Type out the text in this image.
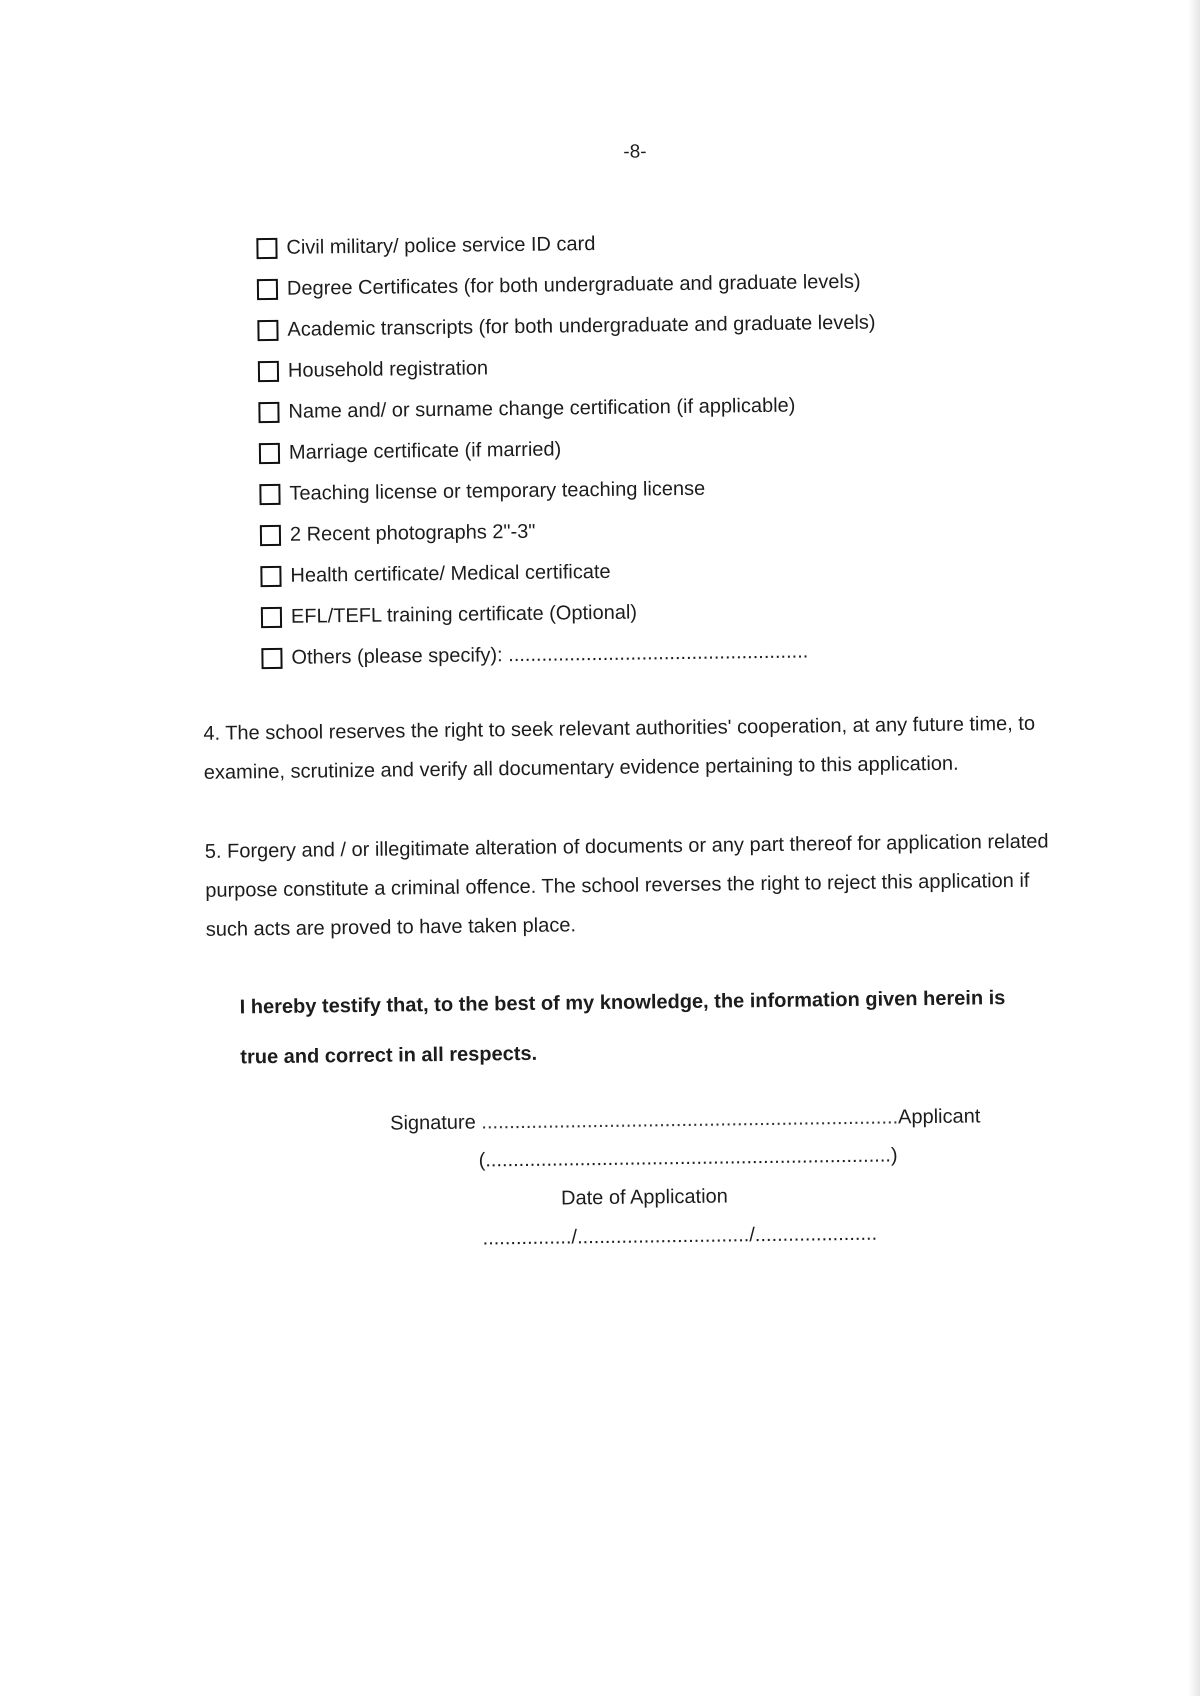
-8-
Civil military/ police service ID card
Degree Certificates (for both undergraduate and graduate levels)
Academic transcripts (for both undergraduate and graduate levels)
Household registration
Name and/ or surname change certification (if applicable)
Marriage certificate (if married)
Teaching license or temporary teaching license
2 Recent photographs 2"-3"
Health certificate/ Medical certificate
EFL/TEFL training certificate (Optional)
Others (please specify): ......................................................
4. The school reserves the right to seek relevant authorities' cooperation, at any future time, to examine, scrutinize and verify all documentary evidence pertaining to this application.
5. Forgery and / or illegitimate alteration of documents or any part thereof for application related purpose constitute a criminal offence. The school reverses the right to reject this application if such acts are proved to have taken place.
I hereby testify that, to the best of my knowledge, the information given herein is true and correct in all respects.
Signature ...........................................................................Applicant
(.........................................................................)
Date of Application
................/.............................../......................
